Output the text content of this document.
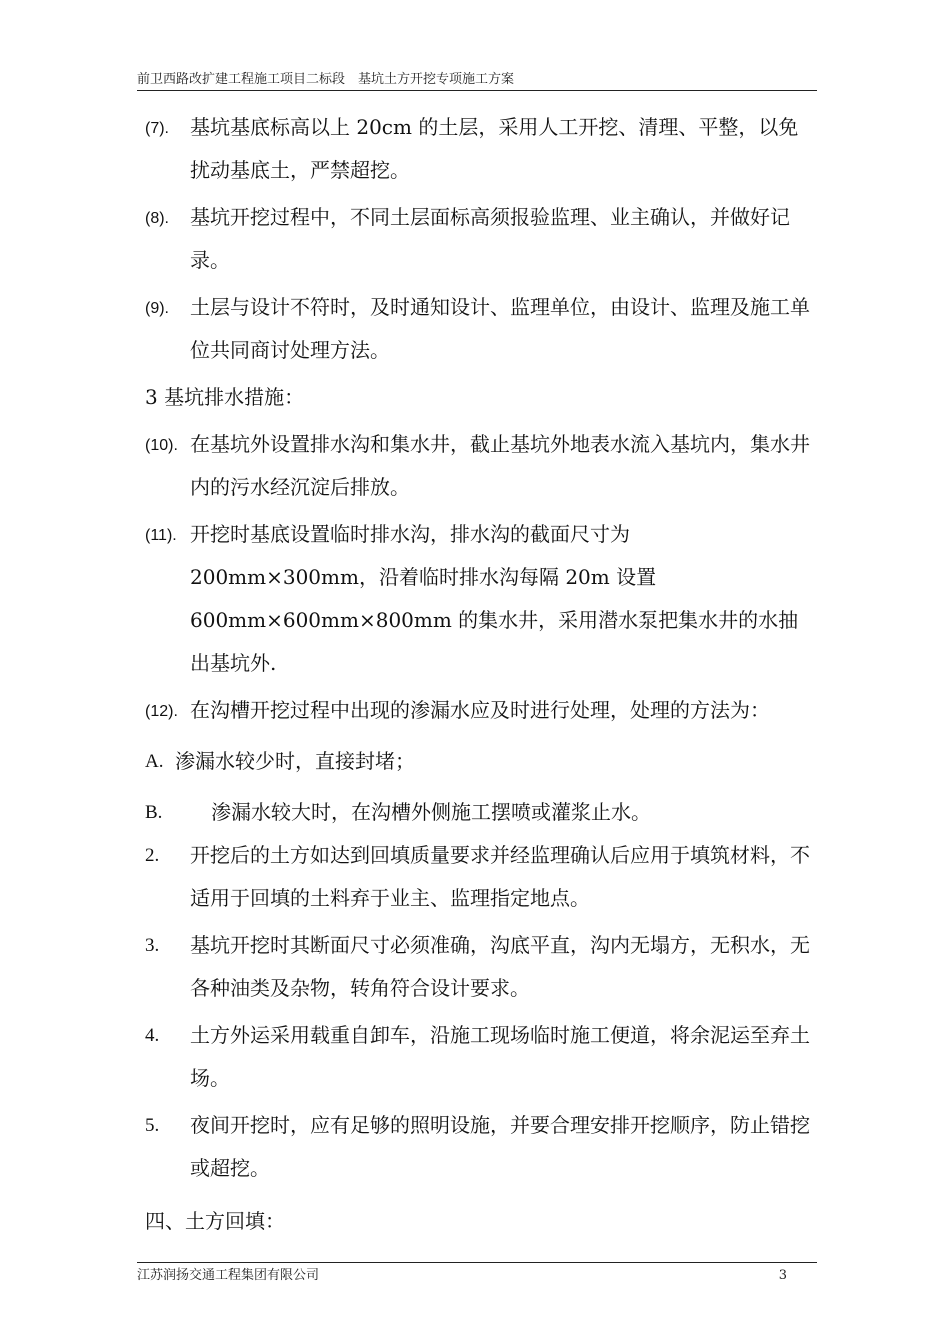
前卫西路改扩建工程施工项目二标段　基坑土方开挖专项施工方案
(7). 基坑基底标高以上 20cm 的土层，采用人工开挖、清理、平整，以免扰动基底土，严禁超挖。
(8). 基坑开挖过程中，不同土层面标高须报验监理、业主确认，并做好记录。
(9). 土层与设计不符时，及时通知设计、监理单位，由设计、监理及施工单位共同商讨处理方法。
3 基坑排水措施：
(10). 在基坑外设置排水沟和集水井，截止基坑外地表水流入基坑内，集水井内的污水经沉淀后排放。
(11). 开挖时基底设置临时排水沟，排水沟的截面尺寸为 200mm×300mm，沿着临时排水沟每隔 20m 设置 600mm×600mm×800mm 的集水井，采用潜水泵把集水井的水抽出基坑外.
(12). 在沟槽开挖过程中出现的渗漏水应及时进行处理，处理的方法为：
A. 渗漏水较少时，直接封堵；
B. 渗漏水较大时，在沟槽外侧施工摆喷或灌浆止水。
2. 开挖后的土方如达到回填质量要求并经监理确认后应用于填筑材料，不适用于回填的土料弃于业主、监理指定地点。
3. 基坑开挖时其断面尺寸必须准确，沟底平直，沟内无塌方，无积水，无各种油类及杂物，转角符合设计要求。
4. 土方外运采用载重自卸车，沿施工现场临时施工便道，将余泥运至弃土场。
5. 夜间开挖时，应有足够的照明设施，并要合理安排开挖顺序，防止错挖或超挖。
四、土方回填：
江苏润扬交通工程集团有限公司	3
